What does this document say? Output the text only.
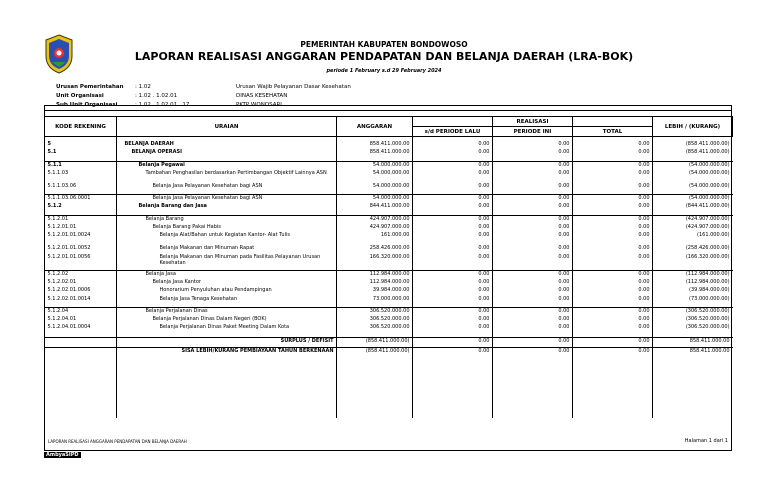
PEMERINTAH KABUPATEN BONDOWOSO
LAPORAN REALISASI ANGGARAN PENDAPATAN DAN BELANJA DAERAH (LRA-BOK)
periode 1 February s.d 29 February 2024
Urusan Pemerintahan : 1.02	Urusan Wajib Pelayanan Dasar Kesehatan
Unit Organisasi	: 1.02 . 1.02.01	DINAS KESEHATAN
Sub Unit Organisasi	: 1.02 . 1.02.01 . 17	PKTP WONOSARI
KODE REKENING	URAIAN	ANGGARAN	REALISASI			LEBIH / (KURANG)
			s/d PERIODE LALU	PERIODE INI	TOTAL	

5	BELANJA DAERAH	858.411.000.00	0.00	0.00	0.00	(858.411.000.00)
5.1	BELANJA OPERASI	858.411.000.00	0.00	0.00	0.00	(858.411.000.00)

5.1.1	Belanja Pegawai	54.000.000.00	0.00	0.00	0.00	(54.000.000.00)
5.1.1.03	Tambahan Penghasilan berdasarkan Pertimbangan Objektif Lainnya ASN	54.000.000.00	0.00	0.00	0.00	(54.000.000.00)
5.1.1.03.06	Belanja Jasa Pelayanan Kesehatan bagi ASN	54.000.000.00	0.00	0.00	0.00	(54.000.000.00)

5.1.1.03.06.0001	Belanja Jasa Pelayanan Kesehatan bagi ASN	54.000.000.00	0.00	0.00	0.00	(54.000.000.00)
5.1.2	Belanja Barang dan Jasa	844.411.000.00	0.00	0.00	0.00	(844.411.000.00)

5.1.2.01	Belanja Barang	424.907.000.00	0.00	0.00	0.00	(424.907.000.00)
5.1.2.01.01	Belanja Barang Pakai Habis	424.907.000.00	0.00	0.00	0.00	(424.907.000.00)
5.1.2.01.01.0024	Belanja Alat/Bahan untuk Kegiatan Kantor- Alat Tulis	161.000.00	0.00	0.00	0.00	(161.000.00)
5.1.2.01.01.0052	Belanja Makanan dan Minuman Rapat	258.426.000.00	0.00	0.00	0.00	(258.426.000.00)
5.1.2.01.01.0056	Belanja Makanan dan Minuman pada Fasilitas Pelayanan Urusan Kesehatan	166.320.000.00	0.00	0.00	0.00	(166.320.000.00)

5.1.2.02	Belanja Jasa	112.984.000.00	0.00	0.00	0.00	(112.984.000.00)
5.1.2.02.01	Belanja Jasa Kantor	112.984.000.00	0.00	0.00	0.00	(112.984.000.00)
5.1.2.02.01.0006	Honorarium Penyuluhan atau Pendampingan	39.984.000.00	0.00	0.00	0.00	(39.984.000.00)
5.1.2.02.01.0014	Belanja Jasa Tenaga Kesehatan	73.000.000.00	0.00	0.00	0.00	(73.000.000.00)

5.1.2.04	Belanja Perjalanan Dinas	306.520.000.00	0.00	0.00	0.00	(306.520.000.00)
5.1.2.04.01	Belanja Perjalanan Dinas Dalam Negeri (BOK)	306.520.000.00	0.00	0.00	0.00	(306.520.000.00)
5.1.2.04.01.0004	Belanja Perjalanan Dinas Paket Meeting Dalam Kota	306.520.000.00	0.00	0.00	0.00	(306.520.000.00)
	SURPLUS / DEFISIT	(858.411.000.00)	0.00	0.00	0.00	858.411.000.00
	SISA LEBIH/KURANG PEMBIAYAAN TAHUN BERKENAAN	(858.411.000.00)	0.00	0.00	0.00	858.411.000.00
LAPORAN REALISASI ANGGARAN PENDAPATAN DAN BELANJA DAERAH	Halaman 1 dari 1
AmbyaSIPD
